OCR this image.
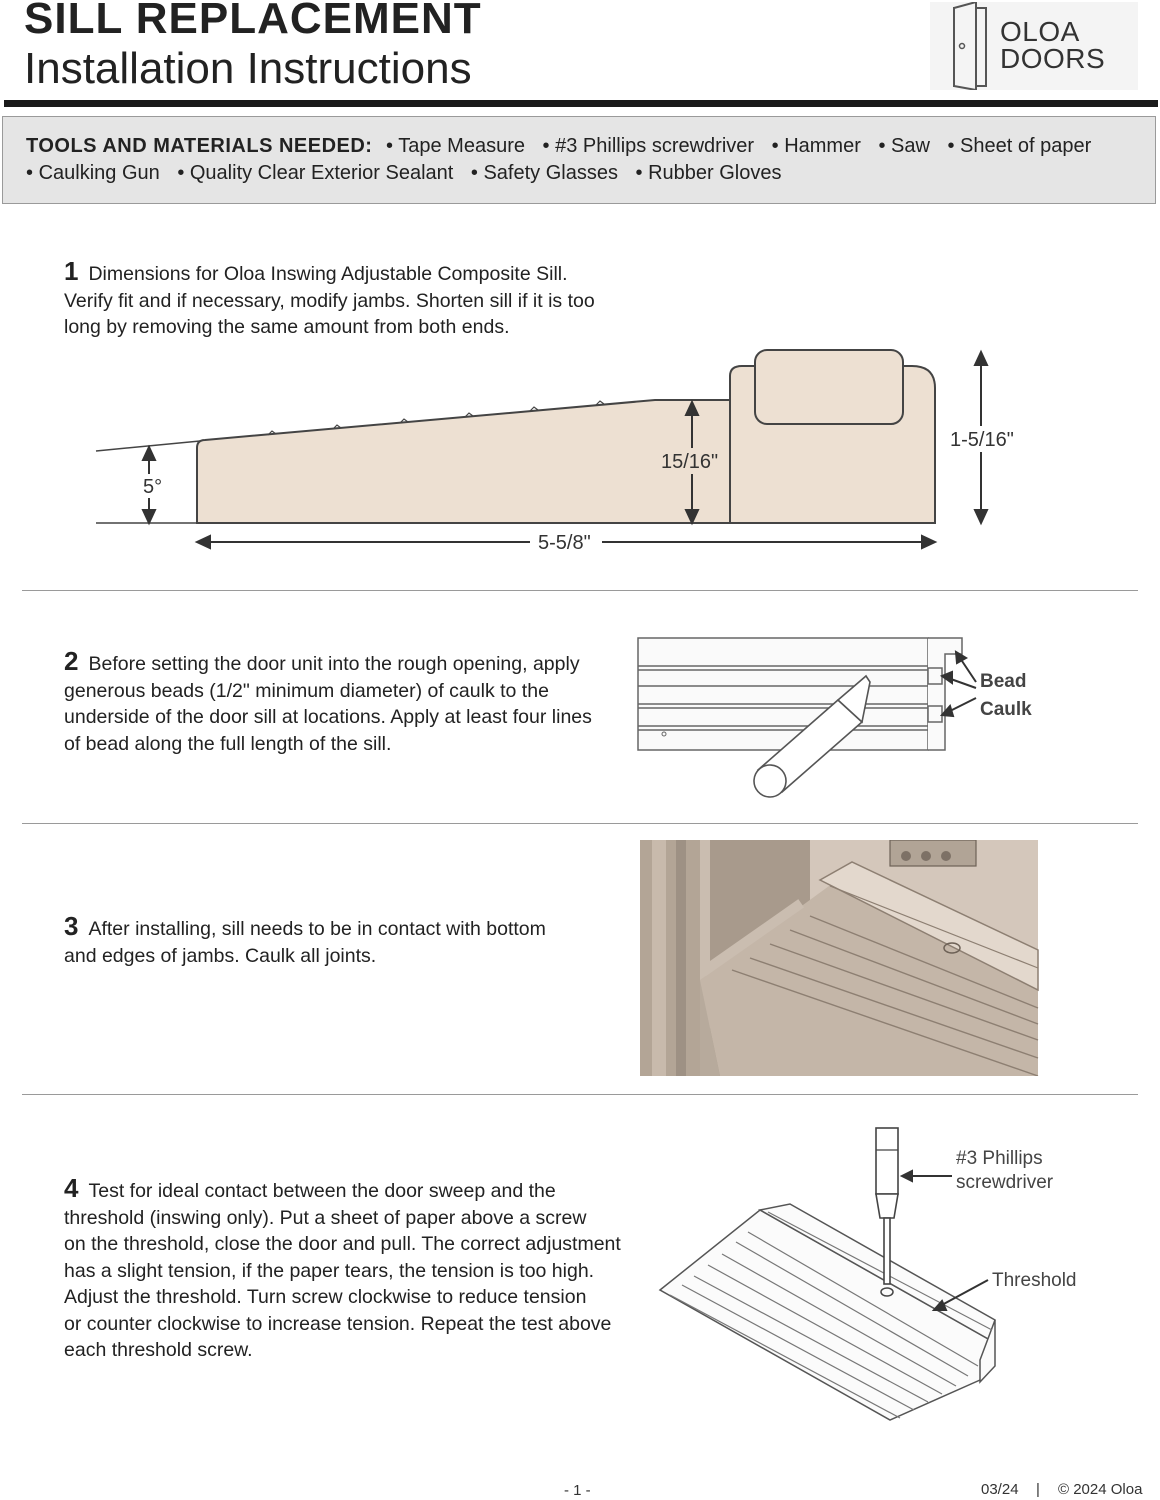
SILL REPLACEMENT
Installation Instructions
OLOA
DOORS
TOOLS AND MATERIALS NEEDED: • Tape Measure • #3 Phillips screwdriver • Hammer • Saw • Sheet of paper
• Caulking Gun • Quality Clear Exterior Sealant • Safety Glasses • Rubber Gloves
1 Dimensions for Oloa Inswing Adjustable Composite Sill.
Verify fit and if necessary, modify jambs. Shorten sill if it is too
long by removing the same amount from both ends.
5°
15/16"
1-5/16"
5-5/8"
2 Before setting the door unit into the rough opening, apply
generous beads (1/2" minimum diameter) of caulk to the
underside of the door sill at locations. Apply at least four lines
of bead along the full length of the sill.
Bead
Caulk
3 After installing, sill needs to be in contact with bottom
and edges of jambs. Caulk all joints.
4 Test for ideal contact between the door sweep and the
threshold (inswing only). Put a sheet of paper above a screw
on the threshold, close the door and pull. The correct adjustment
has a slight tension, if the paper tears, the tension is too high.
Adjust the threshold. Turn screw clockwise to reduce tension
or counter clockwise to increase tension. Repeat the test above
each threshold screw.
#3 Phillips
screwdriver
Threshold
- 1 -	03/24 | © 2024 Oloa
